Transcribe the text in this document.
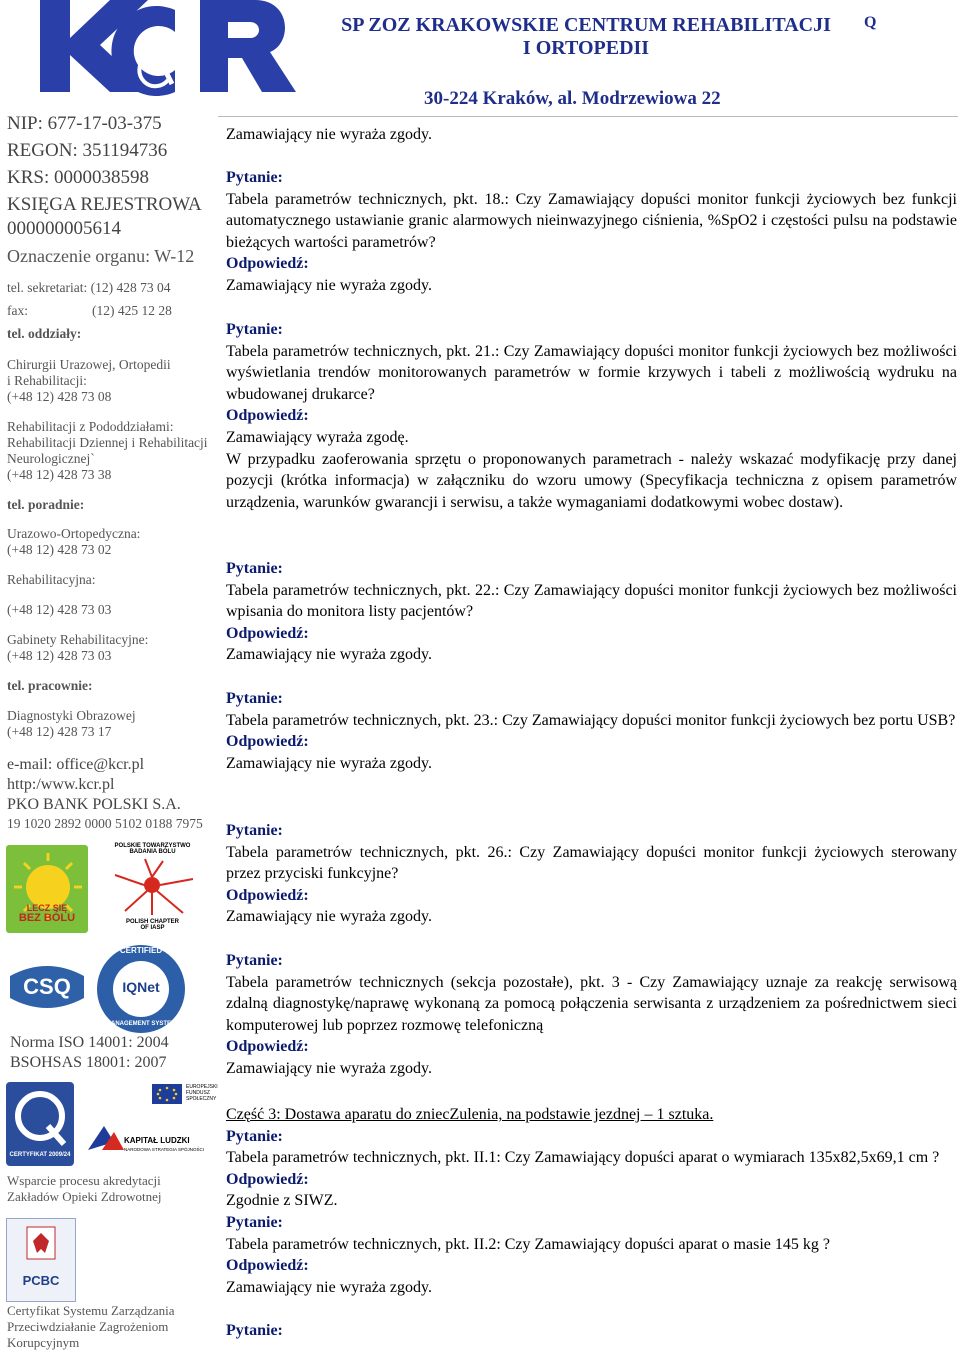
NIP: 677-17-03-375
REGON: 351194736
KRS: 0000038598
KSIĘGA REJESTROWA
000000005614
Oznaczenie organu: W-12
tel. sekretariat: (12) 428 73 04
fax:	(12) 425 12 28
tel. oddziały:
Chirurgii Urazowej, Ortopedii
i Rehabilitacji:
(+48 12) 428 73 08
Rehabilitacji z Pododdziałami:
Rehabilitacji Dziennej i Rehabilitacji
Neurologicznej`
(+48 12) 428 73 38
tel. poradnie:
Urazowo-Ortopedyczna:
(+48 12) 428 73 02
Rehabilitacyjna:
(+48 12) 428 73 03
Gabinety Rehabilitacyjne:
(+48 12) 428 73 03
tel. pracownie:
Diagnostyki Obrazowej
(+48 12) 428 73 17
e-mail: office@kcr.pl
http:/www.kcr.pl
PKO BANK POLSKI S.A.
19 1020 2892 0000 5102 0188 7975
LECZ SIĘ
BEZ BÓLU
POLSKIE TOWARZYSTWO
BADANIA BÓLU
POLISH CHAPTER
OF IASP
CSQ
CERTIFIED
IQNet
MANAGEMENT SYSTEM
Norma ISO 14001: 2004
BSOHSAS 18001: 2007
CERTYFIKAT 2009/24
EUROPEJSKI FUNDUSZ SPOŁECZNY
KAPITAŁ LUDZKI
NARODOWA STRATEGIA SPÓJNOŚCI
Wsparcie procesu akredytacji
Zakładów Opieki Zdrowotnej
PCBC
Certyfikat Systemu Zarządzania
Przeciwdziałanie Zagrożeniom
Korupcyjnym
SP ZOZ KRAKOWSKIE CENTRUM REHABILITACJI
I ORTOPEDII
Q
30-224 Kraków, al. Modrzewiowa 22

Zamawiający nie wyraża zgody.

Pytanie:

Tabela parametrów technicznych, pkt. 18.: Czy Zamawiający dopuści monitor funkcji życiowych bez funkcji automatycznego ustawianie granic alarmowych nieinwazyjnego ciśnienia, %SpO2 i częstości pulsu na podstawie bieżących wartości parametrów?

Odpowiedź:

Zamawiający nie wyraża zgody.

Pytanie:

Tabela parametrów technicznych, pkt. 21.: Czy Zamawiający dopuści monitor funkcji życiowych bez możliwości wyświetlania trendów monitorowanych parametrów w formie krzywych i tabeli z możliwością wydruku na wbudowanej drukarce?

Odpowiedź:

Zamawiający wyraża zgodę.

W przypadku zaoferowania sprzętu o proponowanych parametrach - należy wskazać modyfikację przy danej pozycji (krótka informacja) w załączniku do wzoru umowy (Specyfikacja techniczna z opisem parametrów urządzenia, warunków gwarancji i serwisu, a także wymaganiami dodatkowymi wobec dostaw).

Pytanie:

Tabela parametrów technicznych, pkt. 22.: Czy Zamawiający dopuści monitor funkcji życiowych bez możliwości wpisania do monitora listy pacjentów?

Odpowiedź:

Zamawiający nie wyraża zgody.

Pytanie:

Tabela parametrów technicznych, pkt. 23.: Czy Zamawiający dopuści monitor funkcji życiowych bez portu USB?

Odpowiedź:

Zamawiający nie wyraża zgody.

Pytanie:

Tabela parametrów technicznych, pkt. 26.: Czy Zamawiający dopuści monitor funkcji życiowych sterowany przez przyciski funkcyjne?

Odpowiedź:

Zamawiający nie wyraża zgody.

Pytanie:

Tabela parametrów technicznych (sekcja pozostałe), pkt. 3 - Czy Zamawiający uznaje za reakcję serwisową zdalną diagnostykę/naprawę wykonaną za pomocą połączenia serwisanta z urządzeniem za pośrednictwem sieci komputerowej lub poprzez rozmowę telefoniczną

Odpowiedź:

Zamawiający nie wyraża zgody.

Część 3: Dostawa aparatu do zniecZulenia, na podstawie jezdnej – 1 sztuka.

Pytanie:

Tabela parametrów technicznych, pkt. II.1: Czy Zamawiający dopuści aparat o wymiarach 135x82,5x69,1 cm ?

Odpowiedź:

Zgodnie z SIWZ.

Pytanie:

Tabela parametrów technicznych, pkt. II.2: Czy Zamawiający dopuści aparat o masie 145 kg ?

Odpowiedź:

Zamawiający nie wyraża zgody.

Pytanie:
